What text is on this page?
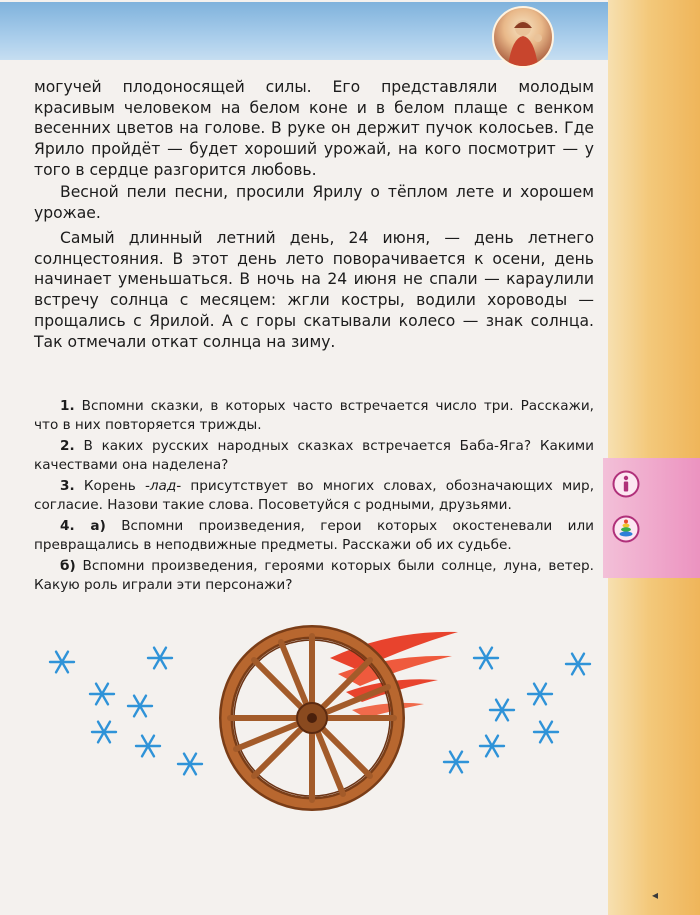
могучей плодоносящей силы. Его представляли молодым красивым человеком на белом коне и в белом плаще с венком весенних цветов на голове. В руке он держит пучок колосьев. Где Ярило пройдёт — будет хороший урожай, на кого посмотрит — у того в сердце разгорится любовь.

Весной пели песни, просили Ярилу о тёплом лете и хорошем урожае.

Самый длинный летний день, 24 июня, — день летнего солнцестояния. В этот день лето поворачивается к осени, день начинает уменьшаться. В ночь на 24 июня не спали — караулили встречу солнца с месяцем: жгли костры, водили хороводы — прощались с Ярилой. А с горы скатывали колесо — знак солнца. Так отмечали откат солнца на зиму.

1. Вспомни сказки, в которых часто встречается число три. Расскажи, что в них повторяется трижды.

2. В каких русских народных сказках встречается Баба-Яга? Какими качествами она наделена?

3. Корень -лад- присутствует во многих словах, обозначающих мир, согласие. Назови такие слова. Посоветуйся с родными, друзьями.

4. а) Вспомни произведения, герои которых окостеневали или превращались в неподвижные предметы. Расскажи об их судьбе.

б) Вспомни произведения, героями которых были солнце, луна, ветер. Какую роль играли эти персонажи?

◂
